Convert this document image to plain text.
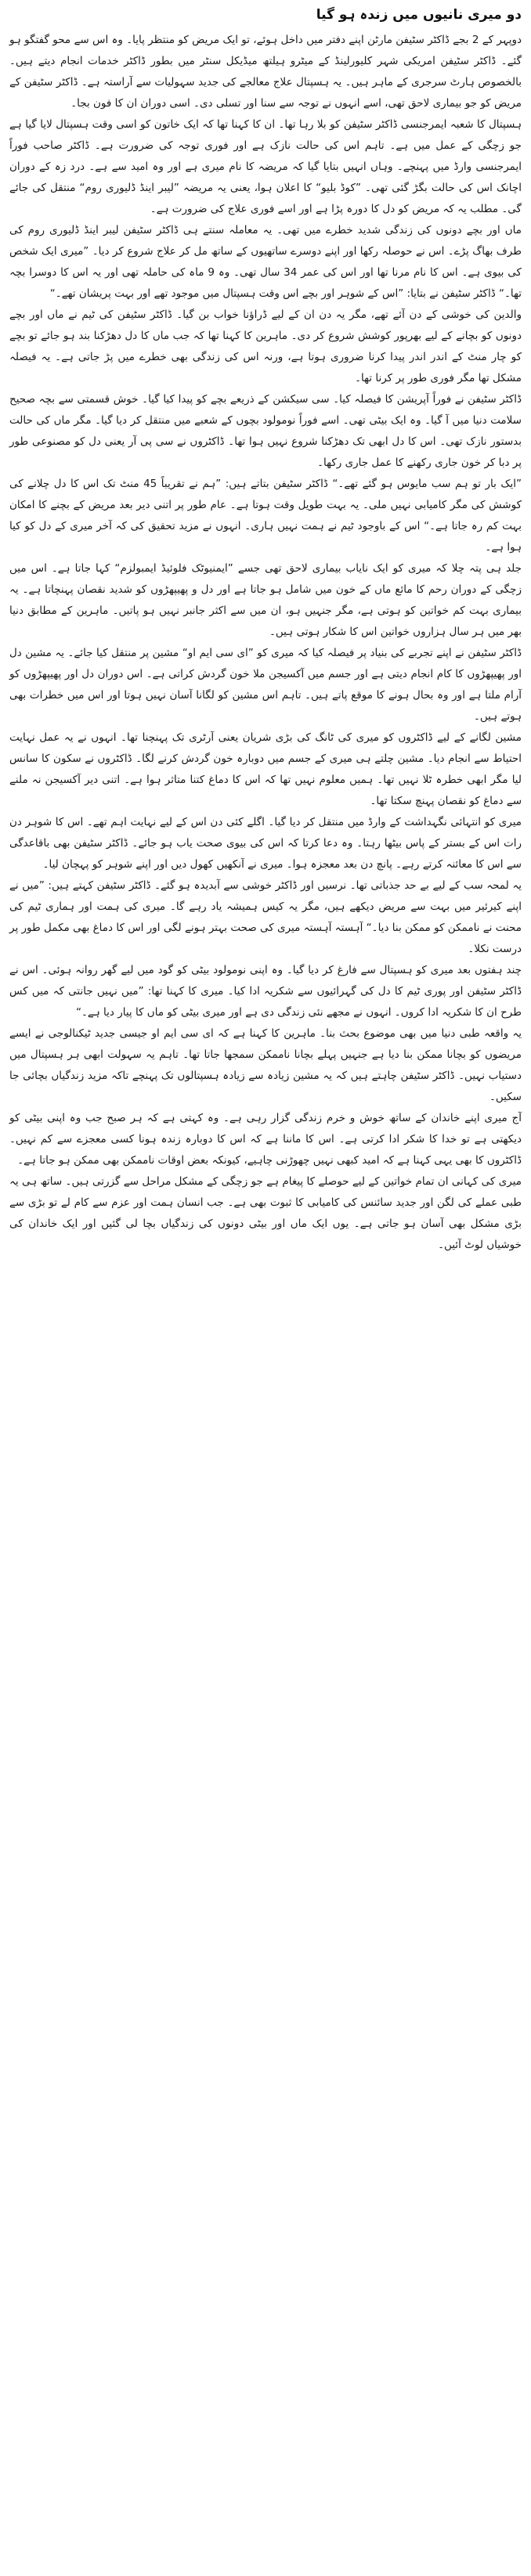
دو میری نانیوں میں زندہ ہو گیا

دوپہر کے 2 بجے ڈاکٹر سٹیفن مارٹن اپنے دفتر میں داخل ہوئے، تو ایک مریض کو منتظر پایا۔ وہ اس سے محو گفتگو ہو گئے۔ ڈاکٹر سٹیفن امریکی شہر کلیورلینڈ کے میٹرو ہیلتھ میڈیکل سنٹر میں بطور ڈاکٹر خدمات انجام دیتے ہیں۔ بالخصوص ہارٹ سرجری کے ماہر ہیں۔ یہ ہسپتال علاج معالجے کی جدید سہولیات سے آراستہ ہے۔ ڈاکٹر سٹیفن کے مریض کو جو بیماری لاحق تھی، اسے انہوں نے توجہ سے سنا اور تسلی دی۔ اسی دوران ان کا فون بجا۔

ہسپتال کا شعبہ ایمرجنسی ڈاکٹر سٹیفن کو بلا رہا تھا۔ ان کا کہنا تھا کہ ایک خاتون کو اسی وقت ہسپتال لایا گیا ہے جو زچگی کے عمل میں ہے۔ تاہم اس کی حالت نازک ہے اور فوری توجہ کی ضرورت ہے۔ ڈاکٹر صاحب فوراً ایمرجنسی وارڈ میں پہنچے۔ وہاں انہیں بتایا گیا کہ مریضہ کا نام میری ہے اور وہ امید سے ہے۔ درد زہ کے دوران اچانک اس کی حالت بگڑ گئی تھی۔ ”کوڈ بلیو“ کا اعلان ہوا، یعنی یہ مریضہ ”لیبر اینڈ ڈلیوری روم“ منتقل کی جائے گی۔ مطلب یہ کہ مریض کو دل کا دورہ پڑا ہے اور اسے فوری علاج کی ضرورت ہے۔

ماں اور بچے دونوں کی زندگی شدید خطرے میں تھی۔ یہ معاملہ سنتے ہی ڈاکٹر سٹیفن لیبر اینڈ ڈلیوری روم کی طرف بھاگ پڑے۔ اس نے حوصلہ رکھا اور اپنے دوسرے ساتھیوں کے ساتھ مل کر علاج شروع کر دیا۔ ”میری ایک شخص کی بیوی ہے۔ اس کا نام مرنا تھا اور اس کی عمر 34 سال تھی۔ وہ 9 ماہ کی حاملہ تھی اور یہ اس کا دوسرا بچہ تھا۔“ ڈاکٹر سٹیفن نے بتایا: ”اس کے شوہر اور بچے اس وقت ہسپتال میں موجود تھے اور بہت پریشان تھے۔“

والدین کی خوشی کے دن آئے تھے، مگر یہ دن ان کے لیے ڈراؤنا خواب بن گیا۔ ڈاکٹر سٹیفن کی ٹیم نے ماں اور بچے دونوں کو بچانے کے لیے بھرپور کوشش شروع کر دی۔ ماہرین کا کہنا تھا کہ جب ماں کا دل دھڑکنا بند ہو جائے تو بچے کو چار منٹ کے اندر اندر پیدا کرنا ضروری ہوتا ہے، ورنہ اس کی زندگی بھی خطرے میں پڑ جاتی ہے۔ یہ فیصلہ مشکل تھا مگر فوری طور پر کرنا تھا۔

ڈاکٹر سٹیفن نے فوراً آپریشن کا فیصلہ کیا۔ سی سیکشن کے ذریعے بچے کو پیدا کیا گیا۔ خوش قسمتی سے بچہ صحیح سلامت دنیا میں آ گیا۔ وہ ایک بیٹی تھی۔ اسے فوراً نومولود بچوں کے شعبے میں منتقل کر دیا گیا۔ مگر ماں کی حالت بدستور نازک تھی۔ اس کا دل ابھی تک دھڑکنا شروع نہیں ہوا تھا۔ ڈاکٹروں نے سی پی آر یعنی دل کو مصنوعی طور پر دبا کر خون جاری رکھنے کا عمل جاری رکھا۔

”ایک بار تو ہم سب مایوس ہو گئے تھے۔“ ڈاکٹر سٹیفن بتاتے ہیں: ”ہم نے تقریباً 45 منٹ تک اس کا دل چلانے کی کوشش کی مگر کامیابی نہیں ملی۔ یہ بہت طویل وقت ہوتا ہے۔ عام طور پر اتنی دیر بعد مریض کے بچنے کا امکان بہت کم رہ جاتا ہے۔“ اس کے باوجود ٹیم نے ہمت نہیں ہاری۔ انہوں نے مزید تحقیق کی کہ آخر میری کے دل کو کیا ہوا ہے۔

جلد ہی پتہ چلا کہ میری کو ایک نایاب بیماری لاحق تھی جسے ”ایمنیوٹک فلوئیڈ ایمبولزم“ کہا جاتا ہے۔ اس میں زچگی کے دوران رحم کا مائع ماں کے خون میں شامل ہو جاتا ہے اور دل و پھیپھڑوں کو شدید نقصان پہنچاتا ہے۔ یہ بیماری بہت کم خواتین کو ہوتی ہے، مگر جنہیں ہو، ان میں سے اکثر جانبر نہیں ہو پاتیں۔ ماہرین کے مطابق دنیا بھر میں ہر سال ہزاروں خواتین اس کا شکار ہوتی ہیں۔

ڈاکٹر سٹیفن نے اپنے تجربے کی بنیاد پر فیصلہ کیا کہ میری کو ”ای سی ایم او“ مشین پر منتقل کیا جائے۔ یہ مشین دل اور پھیپھڑوں کا کام انجام دیتی ہے اور جسم میں آکسیجن ملا خون گردش کراتی ہے۔ اس دوران دل اور پھیپھڑوں کو آرام ملتا ہے اور وہ بحال ہونے کا موقع پاتے ہیں۔ تاہم اس مشین کو لگانا آسان نہیں ہوتا اور اس میں خطرات بھی ہوتے ہیں۔

مشین لگانے کے لیے ڈاکٹروں کو میری کی ٹانگ کی بڑی شریان یعنی آرٹری تک پہنچنا تھا۔ انہوں نے یہ عمل نہایت احتیاط سے انجام دیا۔ مشین چلتے ہی میری کے جسم میں دوبارہ خون گردش کرنے لگا۔ ڈاکٹروں نے سکون کا سانس لیا مگر ابھی خطرہ ٹلا نہیں تھا۔ ہمیں معلوم نہیں تھا کہ اس کا دماغ کتنا متاثر ہوا ہے۔ اتنی دیر آکسیجن نہ ملنے سے دماغ کو نقصان پہنچ سکتا تھا۔

میری کو انتہائی نگہداشت کے وارڈ میں منتقل کر دیا گیا۔ اگلے کئی دن اس کے لیے نہایت اہم تھے۔ اس کا شوہر دن رات اس کے بستر کے پاس بیٹھا رہتا۔ وہ دعا کرتا کہ اس کی بیوی صحت یاب ہو جائے۔ ڈاکٹر سٹیفن بھی باقاعدگی سے اس کا معائنہ کرتے رہے۔ پانچ دن بعد معجزہ ہوا۔ میری نے آنکھیں کھول دیں اور اپنے شوہر کو پہچان لیا۔

یہ لمحہ سب کے لیے بے حد جذباتی تھا۔ نرسیں اور ڈاکٹر خوشی سے آبدیدہ ہو گئے۔ ڈاکٹر سٹیفن کہتے ہیں: ”میں نے اپنے کیرئیر میں بہت سے مریض دیکھے ہیں، مگر یہ کیس ہمیشہ یاد رہے گا۔ میری کی ہمت اور ہماری ٹیم کی محنت نے ناممکن کو ممکن بنا دیا۔“ آہستہ آہستہ میری کی صحت بہتر ہونے لگی اور اس کا دماغ بھی مکمل طور پر درست نکلا۔

چند ہفتوں بعد میری کو ہسپتال سے فارغ کر دیا گیا۔ وہ اپنی نومولود بیٹی کو گود میں لیے گھر روانہ ہوئی۔ اس نے ڈاکٹر سٹیفن اور پوری ٹیم کا دل کی گہرائیوں سے شکریہ ادا کیا۔ میری کا کہنا تھا: ”میں نہیں جانتی کہ میں کس طرح ان کا شکریہ ادا کروں۔ انہوں نے مجھے نئی زندگی دی ہے اور میری بیٹی کو ماں کا پیار دیا ہے۔“

یہ واقعہ طبی دنیا میں بھی موضوع بحث بنا۔ ماہرین کا کہنا ہے کہ ای سی ایم او جیسی جدید ٹیکنالوجی نے ایسے مریضوں کو بچانا ممکن بنا دیا ہے جنہیں پہلے بچانا ناممکن سمجھا جاتا تھا۔ تاہم یہ سہولت ابھی ہر ہسپتال میں دستیاب نہیں۔ ڈاکٹر سٹیفن چاہتے ہیں کہ یہ مشین زیادہ سے زیادہ ہسپتالوں تک پہنچے تاکہ مزید زندگیاں بچائی جا سکیں۔

آج میری اپنے خاندان کے ساتھ خوش و خرم زندگی گزار رہی ہے۔ وہ کہتی ہے کہ ہر صبح جب وہ اپنی بیٹی کو دیکھتی ہے تو خدا کا شکر ادا کرتی ہے۔ اس کا ماننا ہے کہ اس کا دوبارہ زندہ ہونا کسی معجزے سے کم نہیں۔ ڈاکٹروں کا بھی یہی کہنا ہے کہ امید کبھی نہیں چھوڑنی چاہیے، کیونکہ بعض اوقات ناممکن بھی ممکن ہو جاتا ہے۔

میری کی کہانی ان تمام خواتین کے لیے حوصلے کا پیغام ہے جو زچگی کے مشکل مراحل سے گزرتی ہیں۔ ساتھ ہی یہ طبی عملے کی لگن اور جدید سائنس کی کامیابی کا ثبوت بھی ہے۔ جب انسان ہمت اور عزم سے کام لے تو بڑی سے بڑی مشکل بھی آسان ہو جاتی ہے۔ یوں ایک ماں اور بیٹی دونوں کی زندگیاں بچا لی گئیں اور ایک خاندان کی خوشیاں لوٹ آئیں۔
